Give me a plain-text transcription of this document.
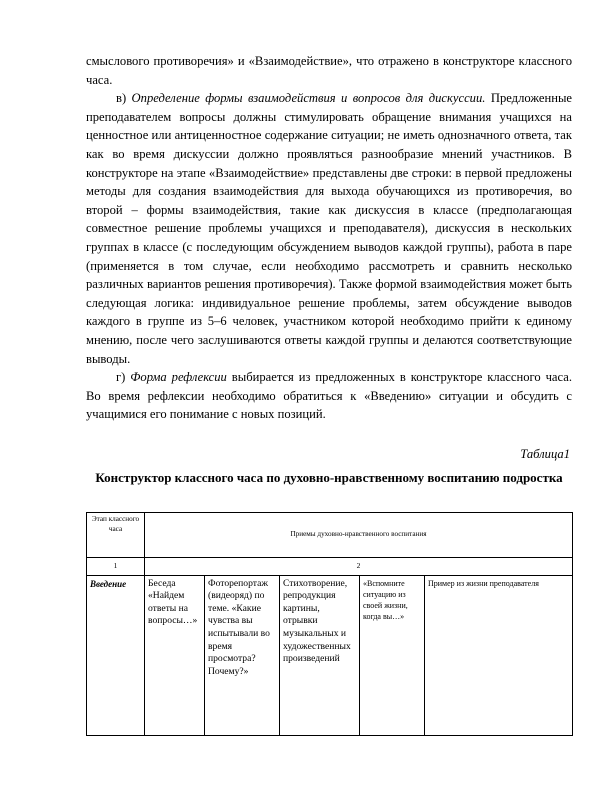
смыслового противоречия» и «Взаимодействие», что отражено в конструкторе классного часа.

в) Определение формы взаимодействия и вопросов для дискуссии. Предложенные преподавателем вопросы должны стимулировать обращение внимания учащихся на ценностное или антиценностное содержание ситуации; не иметь однозначного ответа, так как во время дискуссии должно проявляться разнообразие мнений участников. В конструкторе на этапе «Взаимодействие» представлены две строки: в первой предложены методы для создания взаимодействия для выхода обучающихся из противоречия, во второй – формы взаимодействия, такие как дискуссия в классе (предполагающая совместное решение проблемы учащихся и преподавателя), дискуссия в нескольких группах в классе (с последующим обсуждением выводов каждой группы), работа в паре (применяется в том случае, если необходимо рассмотреть и сравнить несколько различных вариантов решения противоречия). Также формой взаимодействия может быть следующая логика: индивидуальное решение проблемы, затем обсуждение выводов каждого в группе из 5–6 человек, участником которой необходимо прийти к единому мнению, после чего заслушиваются ответы каждой группы и делаются соответствующие выводы.

г) Форма рефлексии выбирается из предложенных в конструкторе классного часа. Во время рефлексии необходимо обратиться к «Введению» ситуации и обсудить с учащимися его понимание с новых позиций.

Таблица1
Конструктор классного часа по духовно-нравственному воспитанию подростка
Этап классного часа	Приемы духовно-нравственного воспитания				
1	2				
Введение	Беседа «Найдем ответы на вопросы…»	Фоторепортаж (видеоряд) по теме. «Какие чувства вы испытывали во время просмотра? Почему?»	Стихотворение, репродукция картины, отрывки музыкальных и художественных произведений	«Вспомните ситуацию из своей жизни, когда вы…»	Пример из жизни преподавателя
